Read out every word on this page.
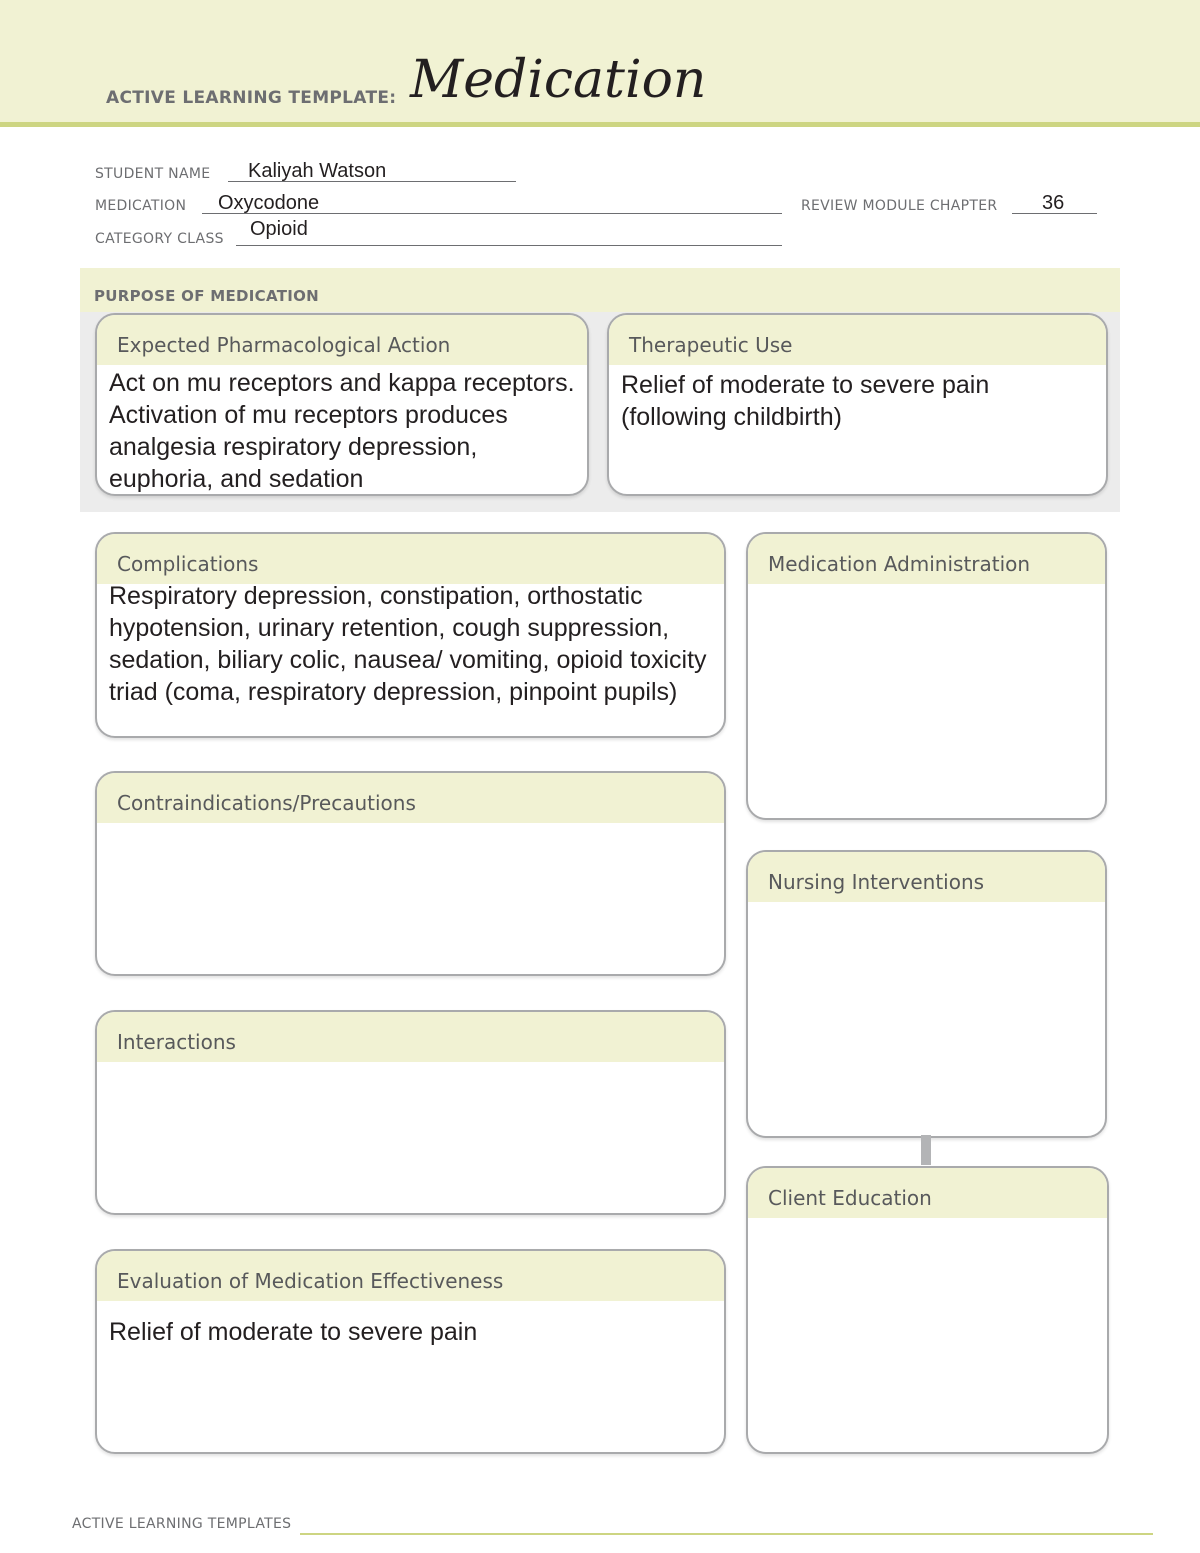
ACTIVE LEARNING TEMPLATE: Medication
STUDENT NAME Kaliyah Watson
MEDICATION Oxycodone	REVIEW MODULE CHAPTER 36
CATEGORY CLASS Opioid
PURPOSE OF MEDICATION
Expected Pharmacological Action
Act on mu receptors and kappa receptors. Activation of mu receptors produces analgesia respiratory depression, euphoria, and sedation
Therapeutic Use
Relief of moderate to severe pain (following childbirth)
Complications
Respiratory depression, constipation, orthostatic hypotension, urinary retention, cough suppression, sedation, biliary colic, nausea/ vomiting, opioid toxicity triad (coma, respiratory depression, pinpoint pupils)
Contraindications/Precautions
Interactions
Evaluation of Medication Effectiveness
Relief of moderate to severe pain
Medication Administration
Nursing Interventions
Client Education
ACTIVE LEARNING TEMPLATES
